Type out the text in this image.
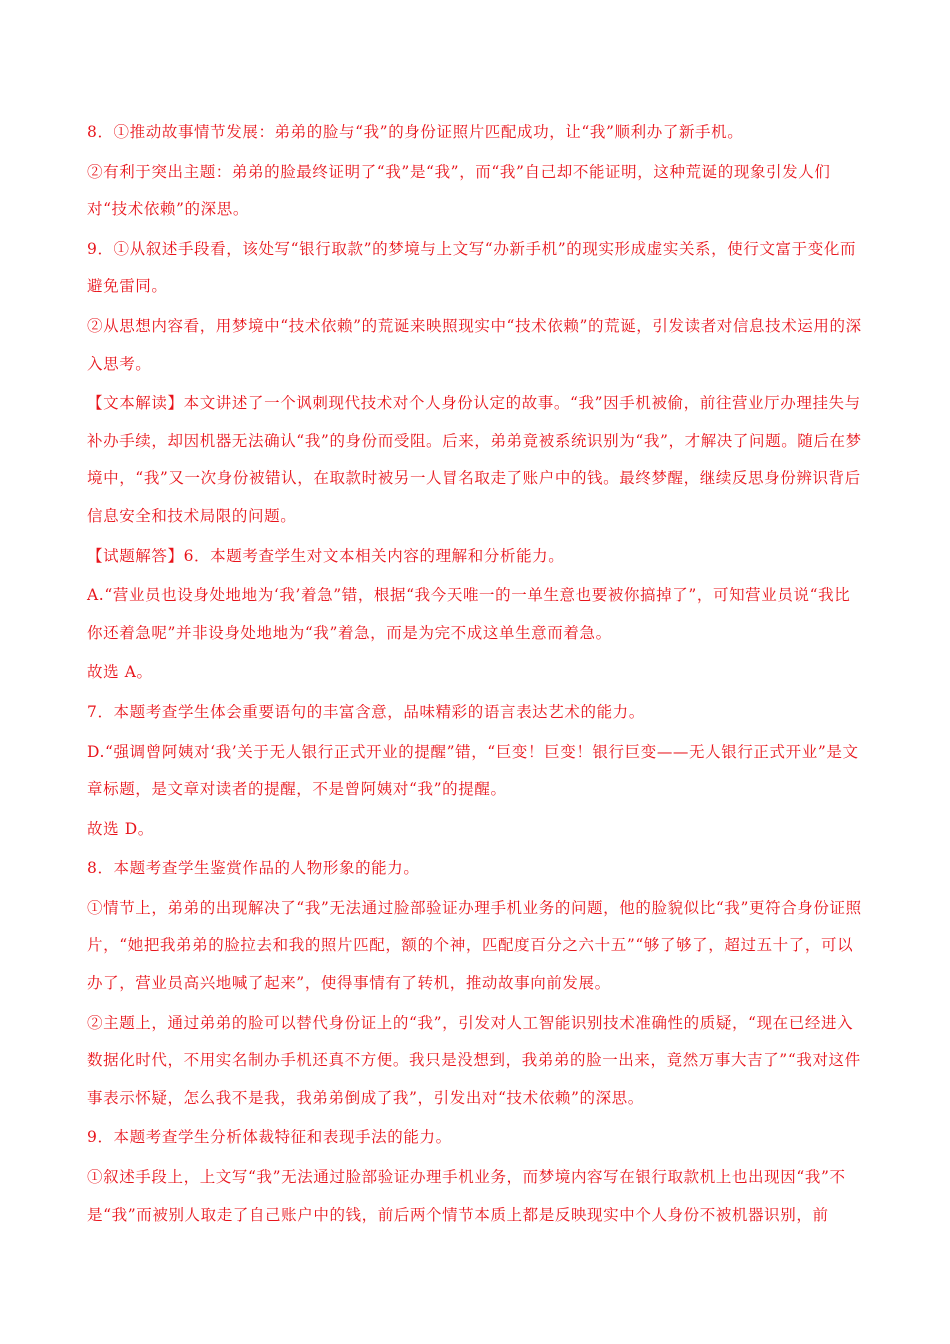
8．①推动故事情节发展：弟弟的脸与“我”的身份证照片匹配成功，让“我”顺利办了新手机。

②有利于突出主题：弟弟的脸最终证明了“我”是“我”，而“我”自己却不能证明，这种荒诞的现象引发人们对“技术依赖”的深思。

9．①从叙述手段看，该处写“银行取款”的梦境与上文写“办新手机”的现实形成虚实关系，使行文富于变化而避免雷同。

②从思想内容看，用梦境中“技术依赖”的荒诞来映照现实中“技术依赖”的荒诞，引发读者对信息技术运用的深入思考。

【文本解读】本文讲述了一个讽刺现代技术对个人身份认定的故事。“我”因手机被偷，前往营业厅办理挂失与补办手续，却因机器无法确认“我”的身份而受阻。后来，弟弟竟被系统识别为“我”，才解决了问题。随后在梦境中，“我”又一次身份被错认，在取款时被另一人冒名取走了账户中的钱。最终梦醒，继续反思身份辨识背后信息安全和技术局限的问题。

【试题解答】6．本题考查学生对文本相关内容的理解和分析能力。

A.“营业员也设身处地地为‘我’着急”错，根据“我今天唯一的一单生意也要被你搞掉了”，可知营业员说“我比你还着急呢”并非设身处地地为“我”着急，而是为完不成这单生意而着急。

故选 A。

7．本题考查学生体会重要语句的丰富含意，品味精彩的语言表达艺术的能力。

D.“强调曾阿姨对‘我’关于无人银行正式开业的提醒”错，“巨变！巨变！银行巨变——无人银行正式开业”是文章标题，是文章对读者的提醒，不是曾阿姨对“我”的提醒。

故选 D。

8．本题考查学生鉴赏作品的人物形象的能力。

①情节上，弟弟的出现解决了“我”无法通过脸部验证办理手机业务的问题，他的脸貌似比“我”更符合身份证照片，“她把我弟弟的脸拉去和我的照片匹配，额的个神，匹配度百分之六十五”“够了够了，超过五十了，可以办了，营业员高兴地喊了起来”，使得事情有了转机，推动故事向前发展。

②主题上，通过弟弟的脸可以替代身份证上的“我”，引发对人工智能识别技术准确性的质疑，“现在已经进入数据化时代，不用实名制办手机还真不方便。我只是没想到，我弟弟的脸一出来，竟然万事大吉了”“我对这件事表示怀疑，怎么我不是我，我弟弟倒成了我”，引发出对“技术依赖”的深思。

9．本题考查学生分析体裁特征和表现手法的能力。

①叙述手段上，上文写“我”无法通过脸部验证办理手机业务，而梦境内容写在银行取款机上也出现因“我”不是“我”而被别人取走了自己账户中的钱，前后两个情节本质上都是反映现实中个人身份不被机器识别，前
